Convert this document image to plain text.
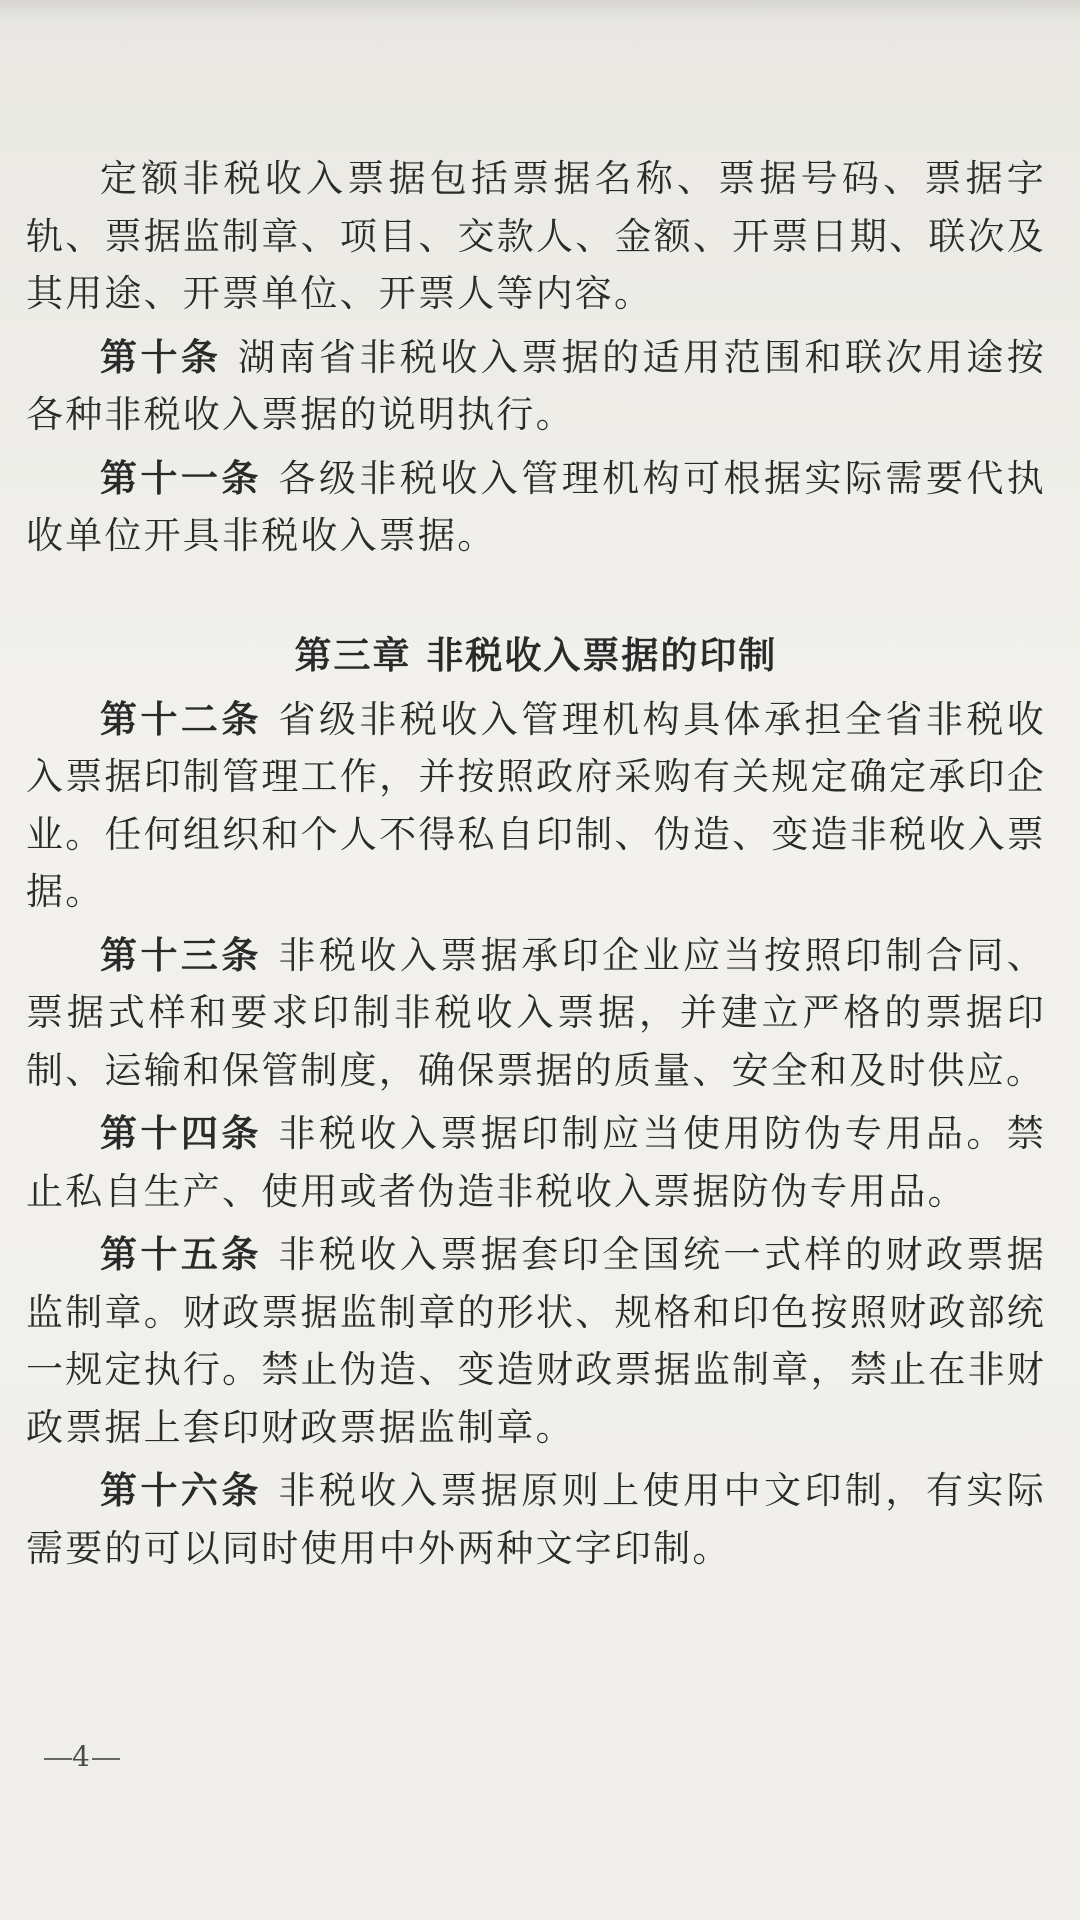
定额非税收入票据包括票据名称、票据号码、票据字轨、票据监制章、项目、交款人、金额、开票日期、联次及其用途、开票单位、开票人等内容。

第十条 湖南省非税收入票据的适用范围和联次用途按各种非税收入票据的说明执行。

第十一条 各级非税收入管理机构可根据实际需要代执收单位开具非税收入票据。

第三章 非税收入票据的印制

第十二条 省级非税收入管理机构具体承担全省非税收入票据印制管理工作，并按照政府采购有关规定确定承印企业。任何组织和个人不得私自印制、伪造、变造非税收入票据。

第十三条 非税收入票据承印企业应当按照印制合同、票据式样和要求印制非税收入票据，并建立严格的票据印制、运输和保管制度，确保票据的质量、安全和及时供应。

第十四条 非税收入票据印制应当使用防伪专用品。禁止私自生产、使用或者伪造非税收入票据防伪专用品。

第十五条 非税收入票据套印全国统一式样的财政票据监制章。财政票据监制章的形状、规格和印色按照财政部统一规定执行。禁止伪造、变造财政票据监制章，禁止在非财政票据上套印财政票据监制章。

第十六条 非税收入票据原则上使用中文印制，有实际需要的可以同时使用中外两种文字印制。

4
